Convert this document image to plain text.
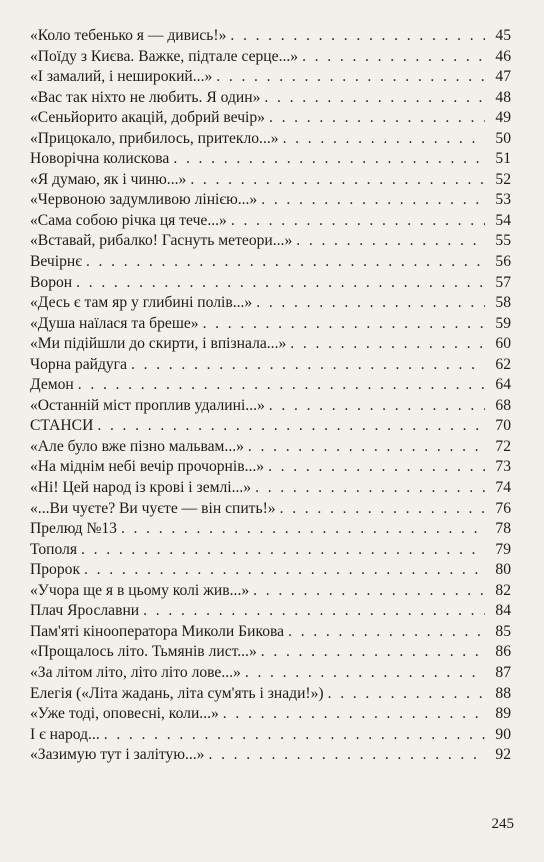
«Коло тебенько я — дивись!» . . .	45
«Поїду з Києва. Важке, підтале серце...» . . .	46
«І замалий, і неширокий...» . . .	47
«Вас так ніхто не любить. Я один» . . .	48
«Сеньйорито акацій, добрий вечір» . . .	49
«Прицокало, прибилось, притекло...» . . .	50
Новорічна колискова . . .	51
«Я думаю, як і чиню...» . . .	52
«Червоною задумливою лінією...» . . .	53
«Сама собою річка ця тече...» . . .	54
«Вставай, рибалко! Гаснуть метеори...» . . .	55
Вечірнє . . .	56
Ворон . . .	57
«Десь є там яр у глибині полів...» . . .	58
«Душа наїлася та бреше» . . .	59
«Ми підійшли до скирти, і впізнала...» . . .	60
Чорна райдуга . . .	62
Демон . . .	64
«Останній міст проплив удалині...» . . .	68
СТАНСИ . . .	70
«Але було вже пізно мальвам...» . . .	72
«На міднім небі вечір прочорнів...» . . .	73
«Ні! Цей народ із крові і землі...» . . .	74
«...Ви чуєте? Ви чуєте — він спить!» . . .	76
Прелюд №13 . . .	78
Тополя . . .	79
Пророк . . .	80
«Учора ще я в цьому колі жив...» . . .	82
Плач Ярославни . . .	84
Пам'яті кінооператора Миколи Бикова . . .	85
«Прощалось літо. Тьмянів лист...» . . .	86
«За літом літо, літо літо лове...» . . .	87
Елегія («Літа жадань, літа сум'ять і знади!») . . .	88
«Уже тоді, оповесні, коли...» . . .	89
І є народ... . . .	90
«Зазимую тут і залітую...» . . .	92
245
